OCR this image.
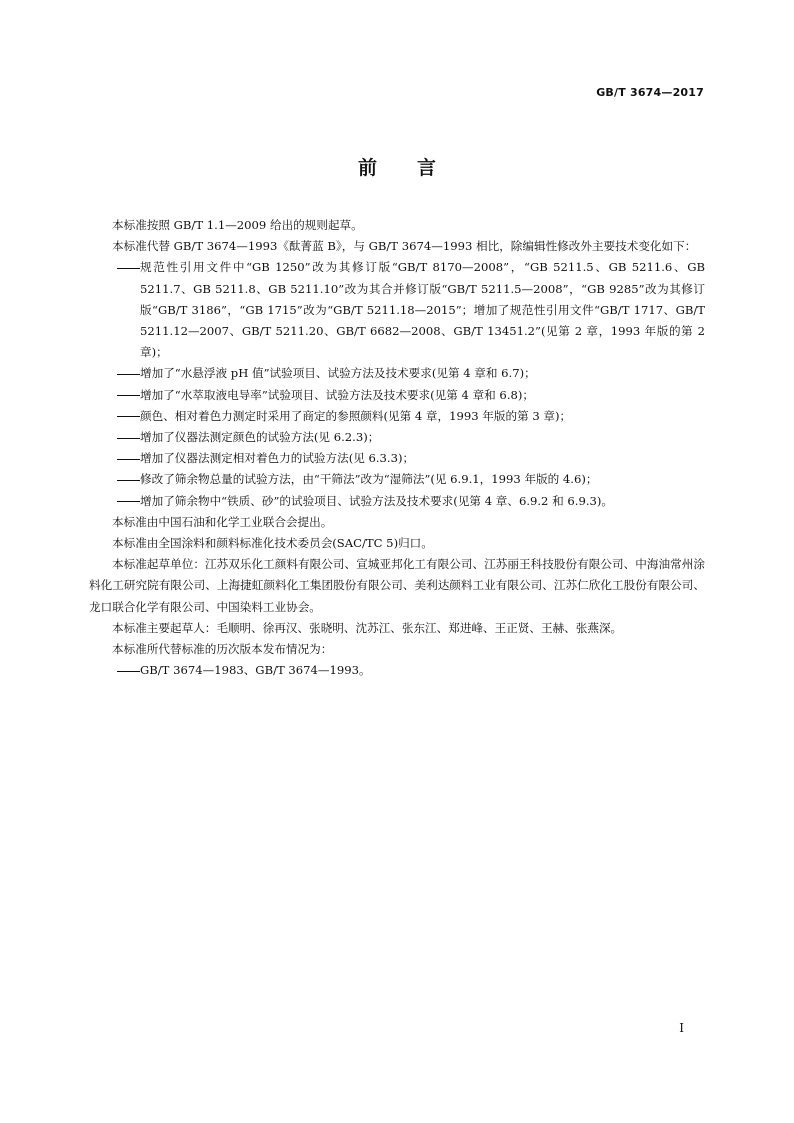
GB/T 3674—2017
前 言

本标准按照 GB/T 1.1—2009 给出的规则起草。

本标准代替 GB/T 3674—1993《酞菁蓝 B》，与 GB/T 3674—1993 相比，除编辑性修改外主要技术变化如下：

规范性引用文件中“GB 1250”改为其修订版“GB/T 8170—2008”，“GB 5211.5、GB 5211.6、GB 5211.7、GB 5211.8、GB 5211.10”改为其合并修订版“GB/T 5211.5—2008”，“GB 9285”改为其修订版“GB/T 3186”，“GB 1715”改为“GB/T 5211.18—2015”；增加了规范性引用文件“GB/T 1717、GB/T 5211.12—2007、GB/T 5211.20、GB/T 6682—2008、GB/T 13451.2”(见第 2 章，1993 年版的第 2 章)；
增加了“水悬浮液 pH 值”试验项目、试验方法及技术要求(见第 4 章和 6.7)；
增加了“水萃取液电导率”试验项目、试验方法及技术要求(见第 4 章和 6.8)；
颜色、相对着色力测定时采用了商定的参照颜料(见第 4 章，1993 年版的第 3 章)；
增加了仪器法测定颜色的试验方法(见 6.2.3)；
增加了仪器法测定相对着色力的试验方法(见 6.3.3)；
修改了筛余物总量的试验方法，由“干筛法”改为“湿筛法”(见 6.9.1，1993 年版的 4.6)；
增加了筛余物中“铁质、砂”的试验项目、试验方法及技术要求(见第 4 章、6.9.2 和 6.9.3)。

本标准由中国石油和化学工业联合会提出。

本标准由全国涂料和颜料标准化技术委员会(SAC/TC 5)归口。

本标准起草单位：江苏双乐化工颜料有限公司、宣城亚邦化工有限公司、江苏丽王科技股份有限公司、中海油常州涂料化工研究院有限公司、上海捷虹颜料化工集团股份有限公司、美利达颜料工业有限公司、江苏仁欣化工股份有限公司、龙口联合化学有限公司、中国染料工业协会。

本标准主要起草人：毛顺明、徐再汉、张晓明、沈苏江、张东江、郑进峰、王正贤、王赫、张燕深。

本标准所代替标准的历次版本发布情况为：

GB/T 3674—1983、GB/T 3674—1993。
I
